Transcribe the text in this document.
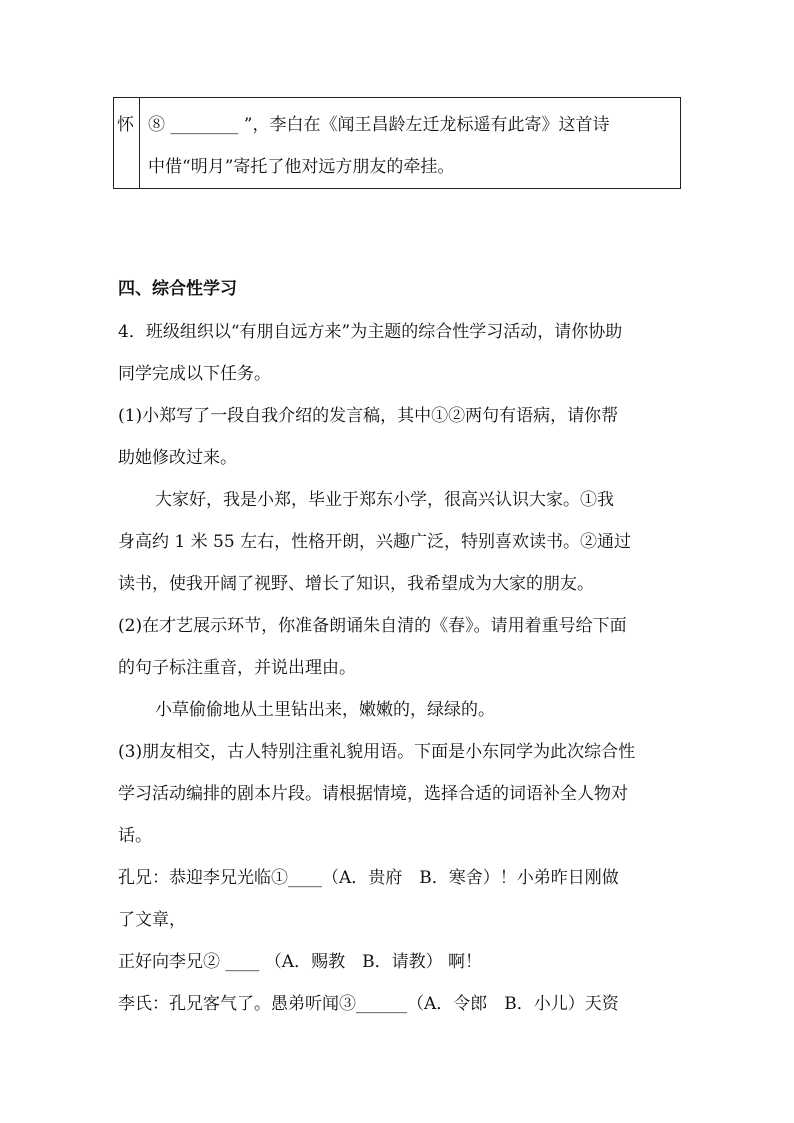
怀 ⑧ ________ ”，李白在《闻王昌龄左迁龙标遥有此寄》这首诗
中借“明月”寄托了他对远方朋友的牵挂。
四、综合性学习
4．班级组织以“有朋自远方来”为主题的综合性学习活动，请你协助
同学完成以下任务。
(1)小郑写了一段自我介绍的发言稿，其中①②两句有语病，请你帮
助她修改过来。
大家好，我是小郑，毕业于郑东小学，很高兴认识大家。①我
身高约 1 米 55 左右，性格开朗，兴趣广泛，特别喜欢读书。②通过
读书，使我开阔了视野、增长了知识，我希望成为大家的朋友。
(2)在才艺展示环节，你准备朗诵朱自清的《春》。请用着重号给下面
的句子标注重音，并说出理由。
小草偷偷地从土里钻出来，嫩嫩的，绿绿的。
(3)朋友相交，古人特别注重礼貌用语。下面是小东同学为此次综合性
学习活动编排的剧本片段。请根据情境，选择合适的词语补全人物对
话。
孔兄：恭迎李兄光临①____（A．贵府　B．寒舍）！小弟昨日刚做
了文章，
正好向李兄② ____ （A．赐教　B．请教） 啊！
李氏：孔兄客气了。愚弟听闻③______（A．令郎　B．小儿）天资
